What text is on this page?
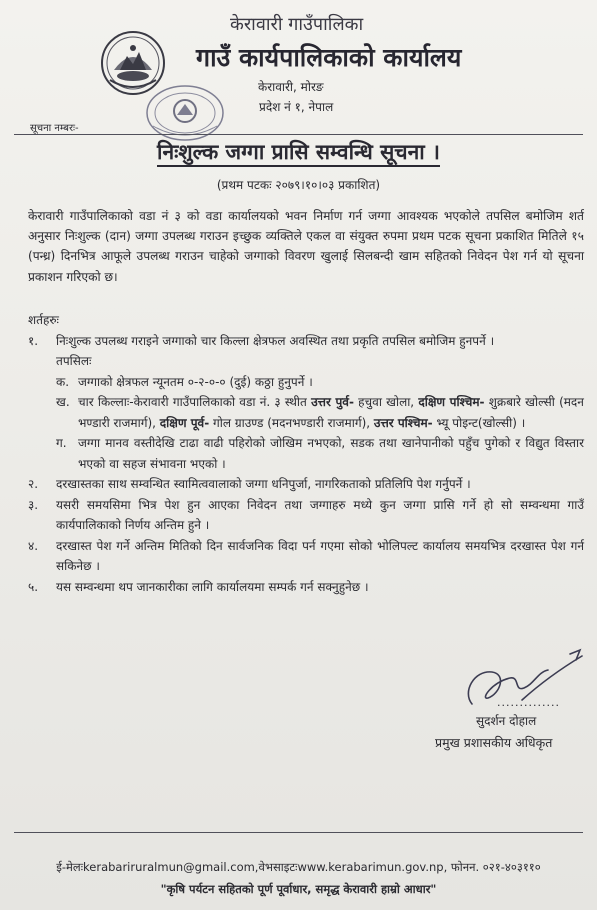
केरावारी गाउँपालिका
गाउँ कार्यपालिकाको कार्यालय
केरावारी, मोरङ
प्रदेश नं १, नेपाल
सूचना नम्बरः-
निःशुल्क जग्गा प्रासि सम्वन्धि सूचना ।
(प्रथम पटकः २०७९।१०।०३ प्रकाशित)
केरावारी गाउँपालिकाको वडा नं ३ को वडा कार्यालयको भवन निर्माण गर्न जग्गा आवश्यक भएकोले तपसिल बमोजिम शर्त अनुसार निःशुल्क (दान) जग्गा उपलब्ध गराउन इच्छुक व्यक्तिले एकल वा संयुक्त रुपमा प्रथम पटक सूचना प्रकाशित मितिले १५ (पन्ध्र) दिनभित्र आफूले उपलब्ध गराउन चाहेको जग्गाको विवरण खुलाई सिलबन्दी खाम सहितको निवेदन पेश गर्न यो सूचना प्रकाशन गरिएको छ।
शर्तहरुः
१.	निःशुल्क उपलब्ध गराइने जग्गाको चार किल्ला क्षेत्रफल अवस्थित तथा प्रकृति तपसिल बमोजिम हुनपर्ने ।
तपसिलः
क. जग्गाको क्षेत्रफल न्यूनतम ०-२-०-० (दुई) कठ्ठा हुनुपर्ने ।
ख. चार किल्लाः-केरावारी गाउँपालिकाको वडा नं. ३ स्थीत उत्तर पुर्व- हचुवा खोला, दक्षिण पश्चिम- शुक्रबारे खोल्सी (मदन भण्डारी राजमार्ग), दक्षिण पूर्व- गोल ग्राउण्ड (मदनभण्डारी राजमार्ग), उत्तर पश्चिम- भ्यू पोइन्ट(खोल्सी) ।
ग. जग्गा मानव वस्तीदेखि टाढा वाढी पहिरोको जोखिम नभएको, सडक तथा खानेपानीको पहुँच पुगेको र विद्युत विस्तार भएको वा सहज संभावना भएको ।
२.	दरखास्तका साथ सम्वन्धित स्वामित्ववालाको जग्गा धनिपुर्जा, नागरिकताको प्रतिलिपि पेश गर्नुपर्ने ।
३.	यसरी समयसिमा भित्र पेश हुन आएका निवेदन तथा जग्गाहरु मध्ये कुन जग्गा प्रासि गर्ने हो सो सम्वन्धमा गाउँ कार्यपालिकाको निर्णय अन्तिम हुने ।
४.	दरखास्त पेश गर्ने अन्तिम मितिको दिन सार्वजनिक विदा पर्न गएमा सोको भोलिपल्ट कार्यालय समयभित्र दरखास्त पेश गर्न सकिनेछ ।
५.	यस सम्वन्धमा थप जानकारीका लागि कार्यालयमा सम्पर्क गर्न सक्नुहुनेछ ।
..............
सुदर्शन दोहाल
प्रमुख प्रशासकीय अधिकृत
ई-मेलःkerabariruralmun@gmail.com,वेभसाइटःwww.kerabarimun.gov.np, फोनन. ०२१-४०३११०
"कृषि पर्यटन सहितको पूर्ण पूर्वाधार, समृद्ध केरावारी हाम्रो आधार"
